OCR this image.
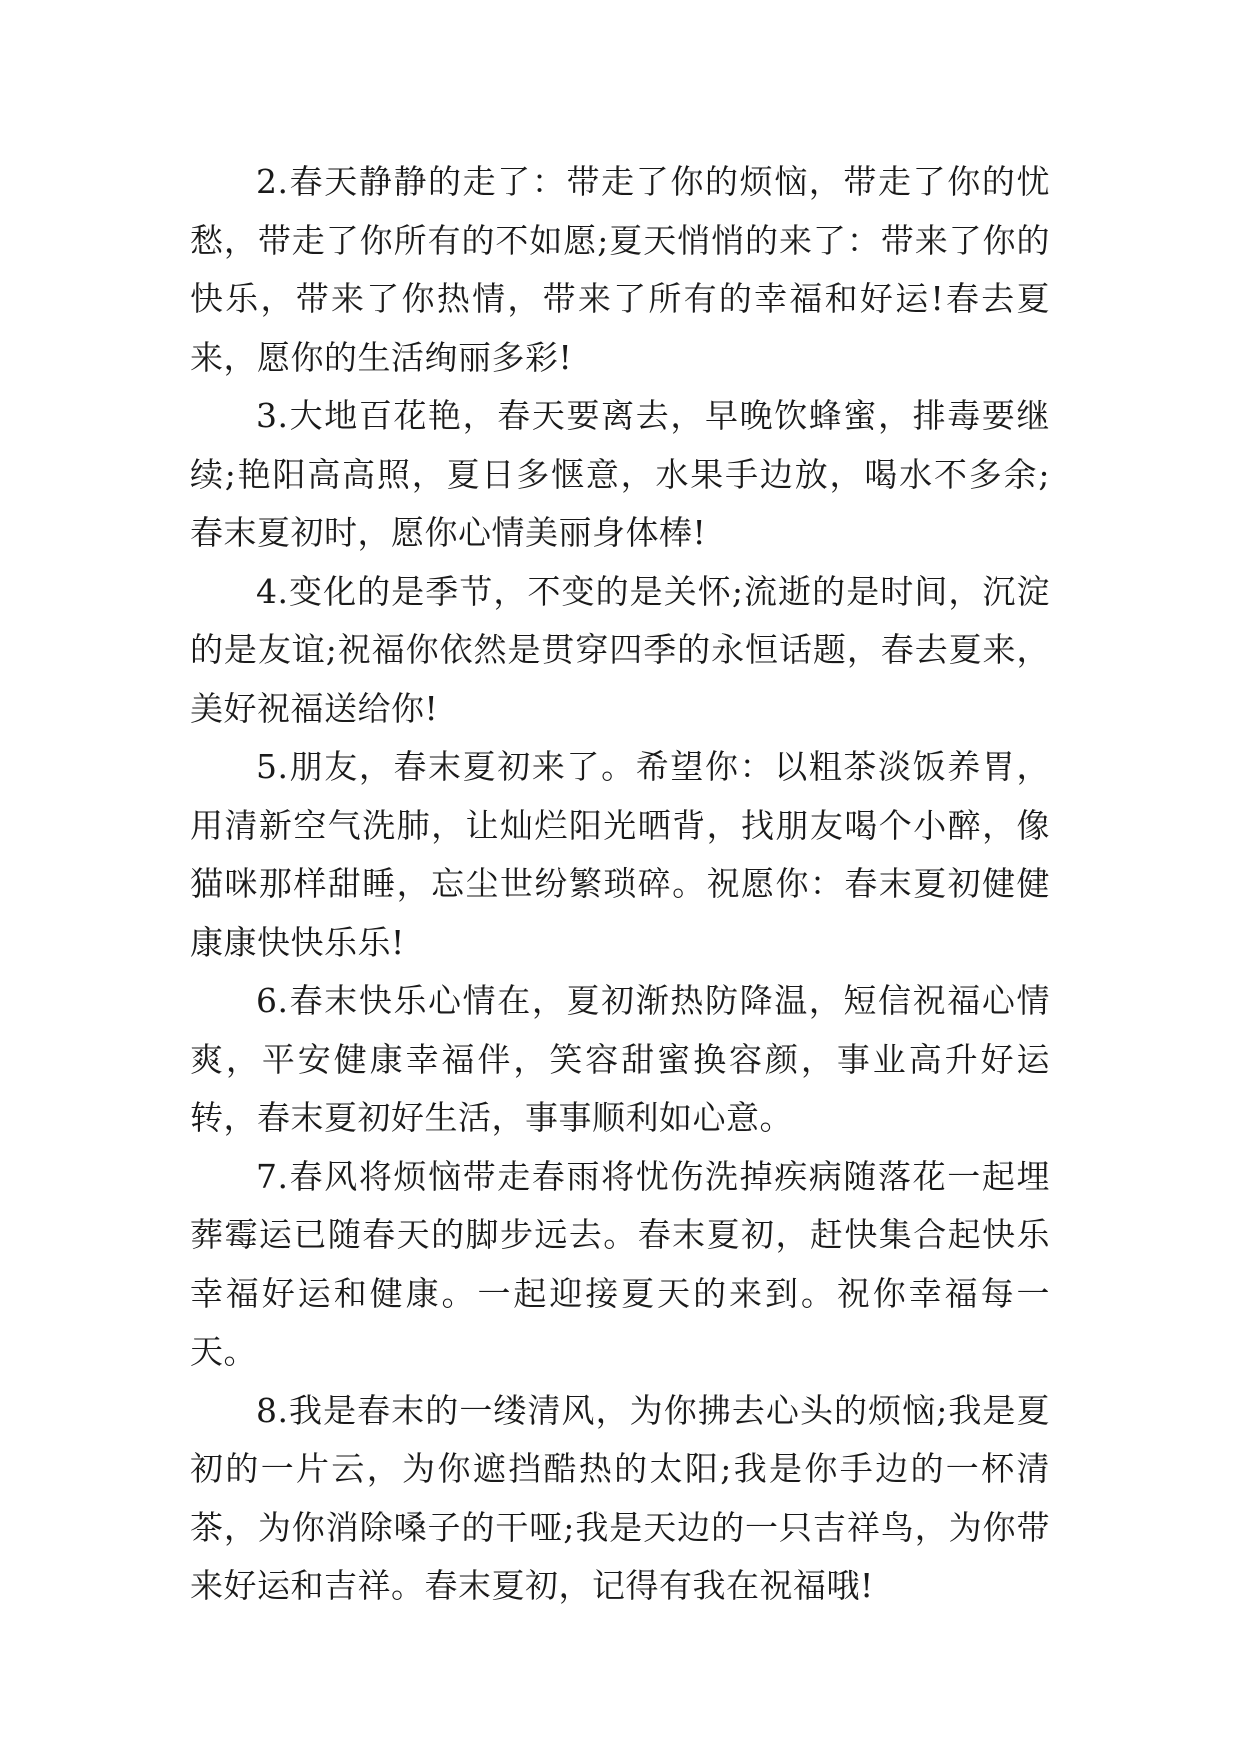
2.春天静静的走了：带走了你的烦恼，带走了你的忧愁，带走了你所有的不如愿;夏天悄悄的来了：带来了你的快乐，带来了你热情，带来了所有的幸福和好运!春去夏来，愿你的生活绚丽多彩!

3.大地百花艳，春天要离去，早晚饮蜂蜜，排毒要继续;艳阳高高照，夏日多惬意，水果手边放，喝水不多余;春末夏初时，愿你心情美丽身体棒!

4.变化的是季节，不变的是关怀;流逝的是时间，沉淀的是友谊;祝福你依然是贯穿四季的永恒话题，春去夏来，美好祝福送给你!

5.朋友，春末夏初来了。希望你：以粗茶淡饭养胃，用清新空气洗肺，让灿烂阳光晒背，找朋友喝个小醉，像猫咪那样甜睡，忘尘世纷繁琐碎。祝愿你：春末夏初健健康康快快乐乐!

6.春末快乐心情在，夏初渐热防降温，短信祝福心情爽，平安健康幸福伴，笑容甜蜜换容颜，事业高升好运转，春末夏初好生活，事事顺利如心意。

7.春风将烦恼带走春雨将忧伤洗掉疾病随落花一起埋葬霉运已随春天的脚步远去。春末夏初，赶快集合起快乐幸福好运和健康。一起迎接夏天的来到。祝你幸福每一天。

8.我是春末的一缕清风，为你拂去心头的烦恼;我是夏初的一片云，为你遮挡酷热的太阳;我是你手边的一杯清茶，为你消除嗓子的干哑;我是天边的一只吉祥鸟，为你带来好运和吉祥。春末夏初，记得有我在祝福哦!
